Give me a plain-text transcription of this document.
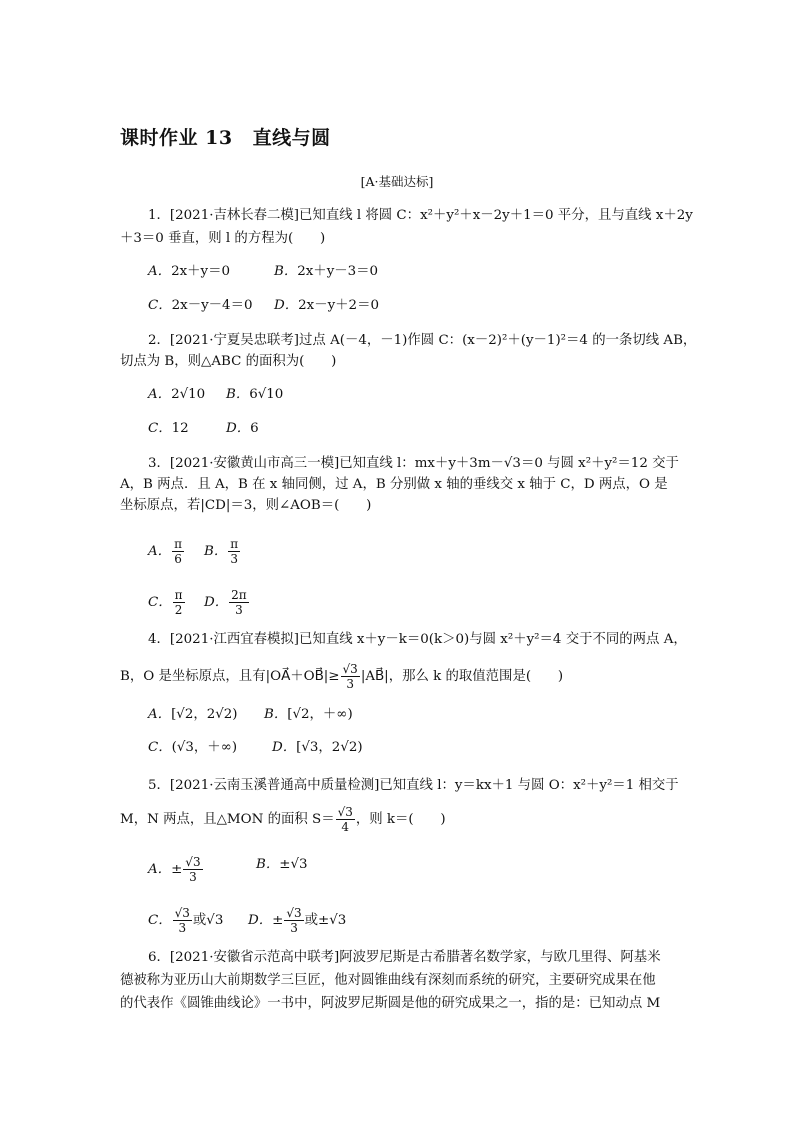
课时作业 13 直线与圆
[A·基础达标]
1．[2021·吉林长春二模]已知直线 l 将圆 C：x²＋y²＋x－2y＋1＝0 平分，且与直线 x＋2y
＋3＝0 垂直，则 l 的方程为(　　)
A．2x＋y＝0	B．2x＋y－3＝0
C．2x－y－4＝0 D．2x－y＋2＝0
2．[2021·宁夏吴忠联考]过点 A(－4，－1)作圆 C：(x－2)²＋(y－1)²＝4 的一条切线 AB，
切点为 B，则△ABC 的面积为(　　)
A．2√10 B．6√10
C．12	D．6
3．[2021·安徽黄山市高三一模]已知直线 l：mx＋y＋3m－√3＝0 与圆 x²＋y²＝12 交于
A，B 两点．且 A，B 在 x 轴同侧，过 A，B 分别做 x 轴的垂线交 x 轴于 C，D 两点，O 是
坐标原点，若|CD|＝3，则∠AOB＝(　　)
A． $\frac{\pi}{6}$ B． $\frac{\pi}{3}$
C． $\frac{\pi}{2}$ D． $\frac{2\pi}{3}$
4．[2021·江西宜春模拟]已知直线 x＋y－k＝0(k＞0)与圆 x²＋y²＝4 交于不同的两点 A，
B，O 是坐标原点，且有|OA⃗＋OB⃗|≥ $\frac{√3}{3}$ |AB⃗|，那么 k 的取值范围是(　　)
A．[√2，2√2) B．[√2，＋∞)
C．(√3，＋∞)	D．[√3，2√2)
5．[2021·云南玉溪普通高中质量检测]已知直线 l：y＝kx＋1 与圆 O：x²＋y²＝1 相交于
M，N 两点，且△MON 的面积 $S= \frac{√3}{4}$ ，则 k＝(　　)
A．± $\frac{√3}{3}$	B．±√3
C． $\frac{√3}{3}$ 或√3 D．± $\frac{√3}{3}$ 或±√3
6．[2021·安徽省示范高中联考]阿波罗尼斯是古希腊著名数学家，与欧几里得、阿基米
德被称为亚历山大前期数学三巨匠，他对圆锥曲线有深刻而系统的研究，主要研究成果在他
的代表作《圆锥曲线论》一书中，阿波罗尼斯圆是他的研究成果之一，指的是：已知动点 M
